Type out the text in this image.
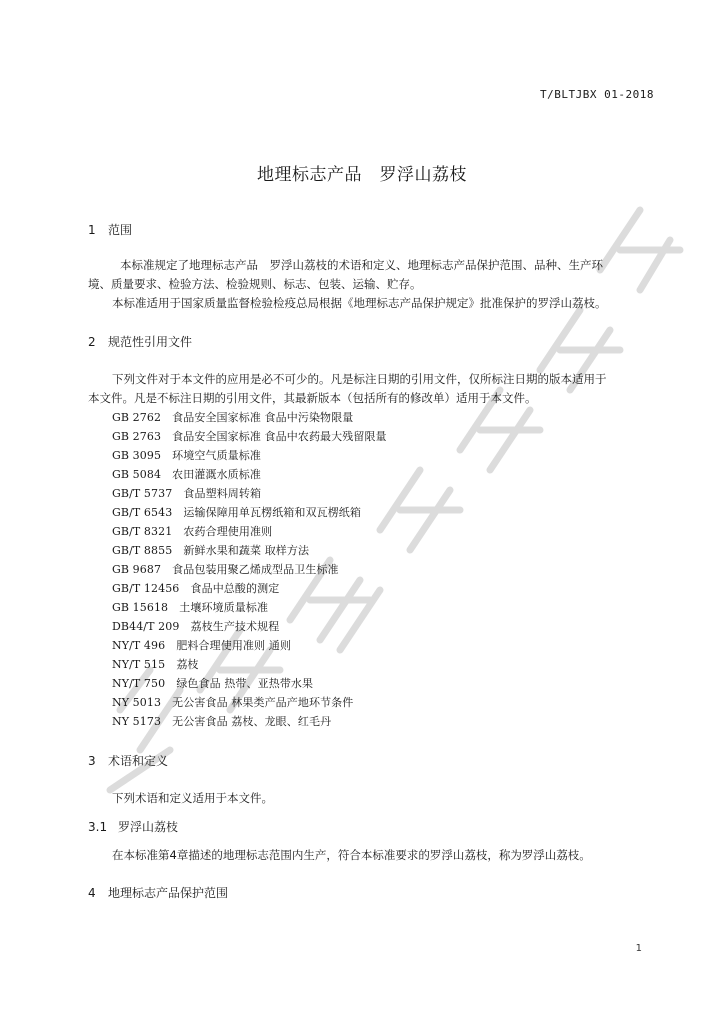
T/BLTJBX 01-2018
地理标志产品　罗浮山荔枝
1 范围
本标准规定了地理标志产品　罗浮山荔枝的术语和定义、地理标志产品保护范围、品种、生产环
境、质量要求、检验方法、检验规则、标志、包装、运输、贮存。
本标准适用于国家质量监督检验检疫总局根据《地理标志产品保护规定》批准保护的罗浮山荔枝。
2 规范性引用文件
下列文件对于本文件的应用是必不可少的。凡是标注日期的引用文件，仅所标注日期的版本适用于
本文件。凡是不标注日期的引用文件，其最新版本（包括所有的修改单）适用于本文件。
GB 2762　食品安全国家标准 食品中污染物限量
GB 2763　食品安全国家标准 食品中农药最大残留限量
GB 3095　环境空气质量标准
GB 5084　农田灌溉水质标准
GB/T 5737　食品塑料周转箱
GB/T 6543　运输保障用单瓦楞纸箱和双瓦楞纸箱
GB/T 8321　农药合理使用准则
GB/T 8855　新鲜水果和蔬菜 取样方法
GB 9687　食品包装用聚乙烯成型品卫生标准
GB/T 12456　食品中总酸的测定
GB 15618　土壤环境质量标准
DB44/T 209　荔枝生产技术规程
NY/T 496　肥料合理使用准则 通则
NY/T 515　荔枝
NY/T 750　绿色食品 热带、亚热带水果
NY 5013　无公害食品 林果类产品产地环节条件
NY 5173　无公害食品 荔枝、龙眼、红毛丹
3 术语和定义
下列术语和定义适用于本文件。
3.1 罗浮山荔枝
在本标准第4章描述的地理标志范围内生产，符合本标准要求的罗浮山荔枝，称为罗浮山荔枝。
4 地理标志产品保护范围
1
